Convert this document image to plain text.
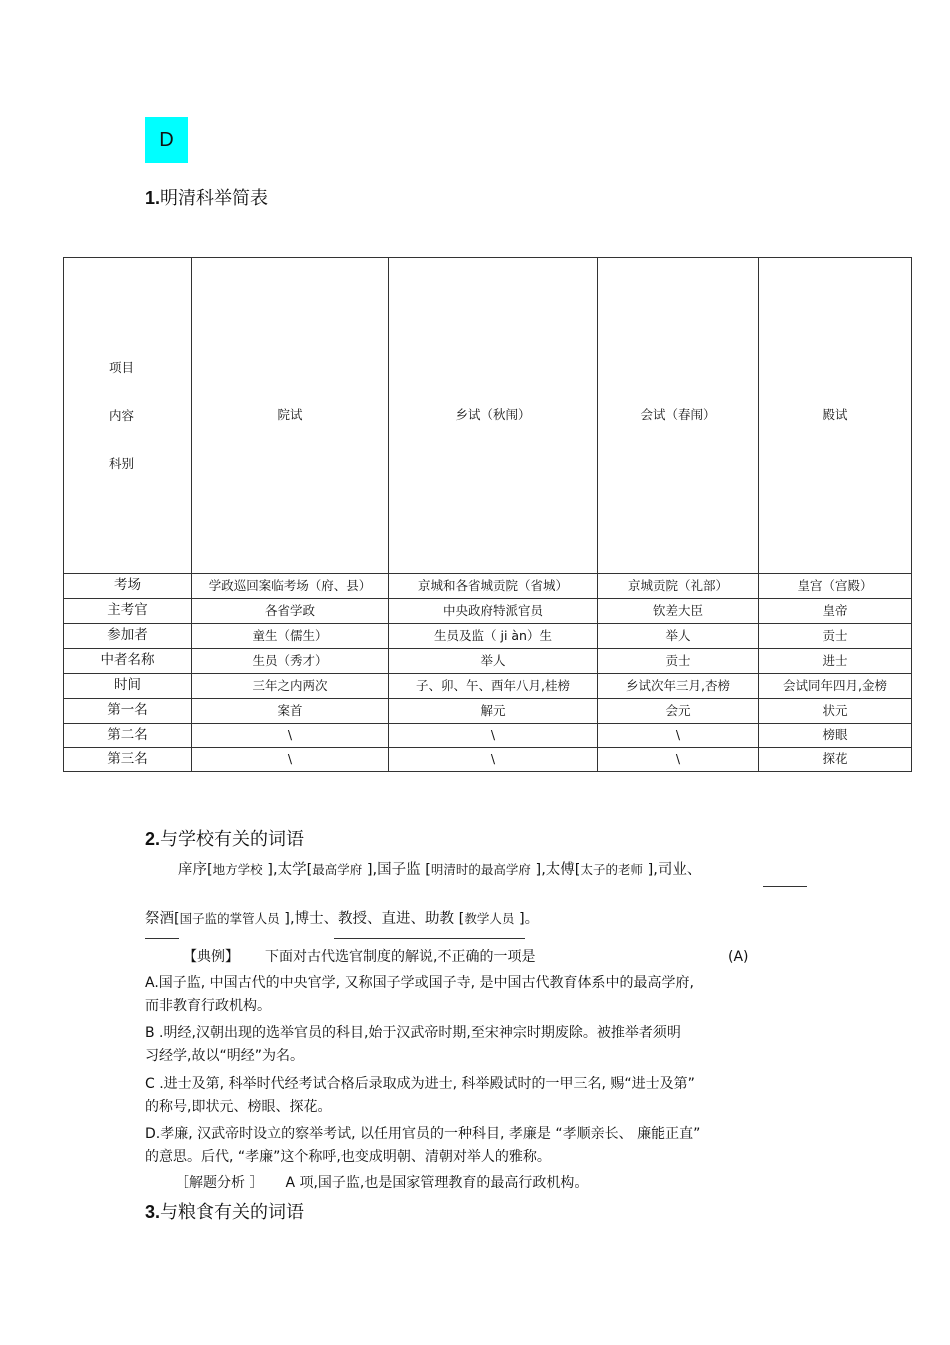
D
1.明清科举简表
项目
内容
科别	院试	乡试（秋闱）	会试（春闱）	殿试
考场	学政巡回案临考场（府、县）	京城和各省城贡院（省城）	京城贡院（礼部）	皇宫（宫殿）
主考官	各省学政	中央政府特派官员	钦差大臣	皇帝
参加者	童生（儒生）	生员及监（ ji àn）生	举人	贡士
中者名称	生员（秀才）	举人	贡士	进士
时间	三年之内两次	子、卯、午、酉年八月,桂榜	乡试次年三月,杏榜	会试同年四月,金榜
第一名	案首	解元	会元	状元
第二名	\	\	\	榜眼
第三名	\	\	\	探花
2.与学校有关的词语
庠序[地方学校 ],太学[最高学府 ],国子监 [明清时的最高学府 ],太傅[太子的老师 ],司业、
祭酒[国子监的掌管人员 ],博士、教授、直进、助教 [教学人员 ]。
【典例】 下面对古代选官制度的解说,不正确的一项是	(A)
A.国子监, 中国古代的中央官学, 又称国子学或国子寺, 是中国古代教育体系中的最高学府,
而非教育行政机构。
B .明经,汉朝出现的选举官员的科目,始于汉武帝时期,至宋神宗时期废除。被推举者须明
习经学,故以“明经”为名。
C .进士及第, 科举时代经考试合格后录取成为进士, 科举殿试时的一甲三名, 赐“进士及第”
的称号,即状元、榜眼、探花。
D.孝廉, 汉武帝时设立的察举考试, 以任用官员的一种科目, 孝廉是 “孝顺亲长、 廉能正直”
的意思。后代, “孝廉”这个称呼,也变成明朝、清朝对举人的雅称。
［解题分析 ］ A 项,国子监,也是国家管理教育的最高行政机构。
3.与粮食有关的词语
